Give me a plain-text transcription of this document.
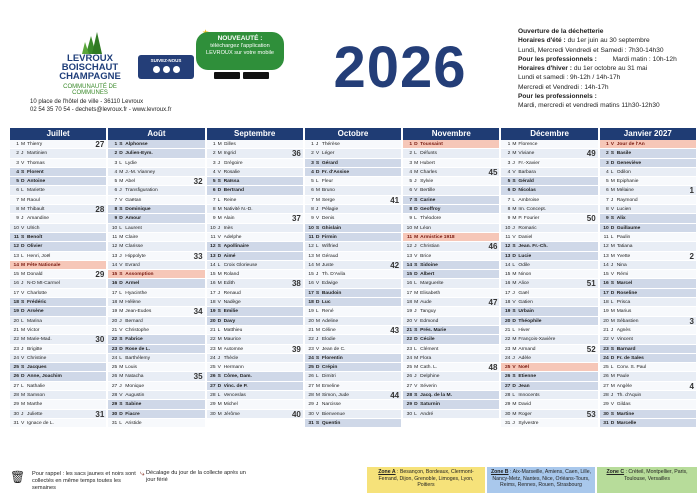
LEVROUX
BOISCHAUT
CHAMPAGNE
COMMUNAUTÉ DE COMMUNES
10 place de l'hôtel de ville - 36110 Levroux
02 54 35 70 54 - dechets@levroux.fr - www.levroux.fr
SUIVEZ-NOUS
NOUVEAUTÉ :
téléchargez l'application
LEVROUX sur votre mobile	2026
Ouverture de la déchetterie
Horaires d'été : du 1er juin au 30 septembre
Lundi, Mercredi Vendredi et Samedi : 7h30-14h30
Pour les professionnels : Mardi matin : 10h-12h
Horaires d'hiver : du 1er octobre au 31 mai
Lundi et samedi : 9h-12h / 14h-17h
Mercredi et Vendredi : 14h-17h
Pour les professionnels :
Mardi, mercredi et vendredi matins 11h30-12h30
Juillet
1 M Thierry	27
2 J Martinien
3 V Thomas
4 S Florent
5 D Antoine
6 L Mariette
7 M Raoul
8 M Thibault	28
9 J Amandine
10 V Ulrich
11 S Benoît
12 D Olivier
13 L Henri, Joël
14 M Fête Nationale
15 M Donald	29
16 J N-D Mt-Carmel
17 V Charlotte
18 S Frédéric
19 D Arsène
20 L Marina
21 M Victor
22 M Marie-Mad.	30
23 J Brigitte
24 V Christine
25 S Jacques
26 D Anne, Joachim
27 L Nathalie
28 M Samson
29 M Marthe
30 J Juliette	31
31 V Ignace de L.
Août
1 S Alphonse
2 D Julien-Eym.
3 L Lydie
4 M J.-M. Vianney
5 M Abel	32
6 J Transfiguration
7 V Gaëtan
8 S Dominique
9 D Amour
10 L Laurent
11 M Claire
12 M Clarisse
13 J Hippolyte	33
14 V Evrard
15 S Assomption
16 D Armel
17 L Hyacinthe
18 M Hélène
19 M Jean-Eudes	34
20 J Bernard
21 V Christophe
22 S Fabrice
23 D Rose de L.
24 L Barthélemy
25 M Louis
26 M Natacha	35
27 J Monique
28 V Augustin
29 S Sabine
30 D Fiacre
31 L Aristide
Septembre
1 M Gilles
2 M Ingrid	36
3 J Grégoire
4 V Rosalie
5 S Raïssa
6 D Bertrand
7 L Reine
8 M Nativité N.-D.
9 M Alain	37
10 J Inès
11 V Adelphe
12 S Apollinaire
13 D Aimé
14 L Croix Glorieuse
15 M Roland
16 M Edith	38
17 J Renaud
18 V Nadège
19 S Emilie
20 D Davy
21 L Matthieu
22 M Maurice
23 M Automne	39
24 J Thècle
25 V Hermann
26 S Côme, Dam.
27 D Vinc. de P.
28 L Venceslas
29 M Michel
30 M Jérôme	40
Octobre
1 J Thérèse
2 V Léger
3 S Gérard
4 D Fr. d'Assise
5 L Fleur
6 M Bruno
7 M Serge	41
8 J Pélagie
9 V Denis
10 S Ghislain
11 D Firmin
12 L Wilfried
13 M Géraud
14 M Juste	42
15 J Th. D'Avila
16 V Edwige
17 S Baudoin
18 D Luc
19 L René
20 M Adeline
21 M Céline	43
22 J Elodie
23 V Jean de C.
24 S Florentin
25 D Crépin
26 L Dimitri
27 M Emeline
28 M Simon, Jude	44
29 J Narcisse
30 V Bienvenue
31 S Quentin
Novembre
1 D Toussaint
2 L Défunts
3 M Hubert
4 M Charles	45
5 J Sylvie
6 V Bertille
7 S Carine
8 D Geoffroy
9 L Théodore
10 M Léon
11 M Armistice 1918
12 J Christian	46
13 V Brice
14 S Sidoine
15 D Albert
16 L Marguerite
17 M Elisabeth
18 M Aude	47
19 J Tanguy
20 V Edmond
21 S Prés. Marie
22 D Cécile
23 L Clément
24 M Flora
25 M Cath. L.	48
26 J Delphine
27 V Séverin
28 S Jacq. de la M.
29 D Saturnin
30 L André
Décembre
1 M Florence
2 M Viviane	49
3 J Fr.-Xavier
4 V Barbara
5 S Gérald
6 D Nicolas
7 L Ambroise
8 M Im. Concept.
9 M P. Fourier	50
10 J Romaric
11 V Daniel
12 S Jean. Fr.-Ch.
13 D Lucie
14 L Odile
15 M Ninon
16 M Alice	51
17 J Gaël
18 V Gatien
19 S Urbain
20 D Théophile
21 L Hiver
22 M François-Xavière
23 M Armand	52
24 J Adèle
25 V Noël
26 S Etienne
27 D Jean
28 L Innocents
29 M David
30 M Roger	53
31 J Sylvestre
Janvier 2027
1 V Jour de l'An
2 S Basile
3 D Geneviève
4 L Odilon
5 M Epiphanie
6 M Mélaine	1
7 J Raymond
8 V Lucien
9 S Alix
10 D Guillaume
11 L Paulin
12 M Tatiana
13 M Yvette	2
14 J Nina
15 V Rémi
16 S Marcel
17 D Roseline
18 L Prisca
19 M Marius
20 M Sébastien	3
21 J Agnès
22 V Vincent
23 S Barnard
24 D Fr. de Sales
25 L Conv. S. Paul
26 M Paule
27 M Angèle	4
28 J Th. d'Aquin
29 V Gildas
30 S Martine
31 D Marcelle
🗑 Pour rappel : les sacs jaunes et noirs sont collectés en même temps toutes les semaines
⤷ Décalage du jour de la collecte après un jour férié
Zone A : Besançon, Bordeaux, Clermont-Ferrand, Dijon, Grenoble, Limoges, Lyon, Poitiers
Zone B : Aix-Marseille, Amiens, Caen, Lille, Nancy-Metz, Nantes, Nice, Orléans-Tours, Reims, Rennes, Rouen, Strasbourg
Zone C : Créteil, Montpellier, Paris, Toulouse, Versailles
